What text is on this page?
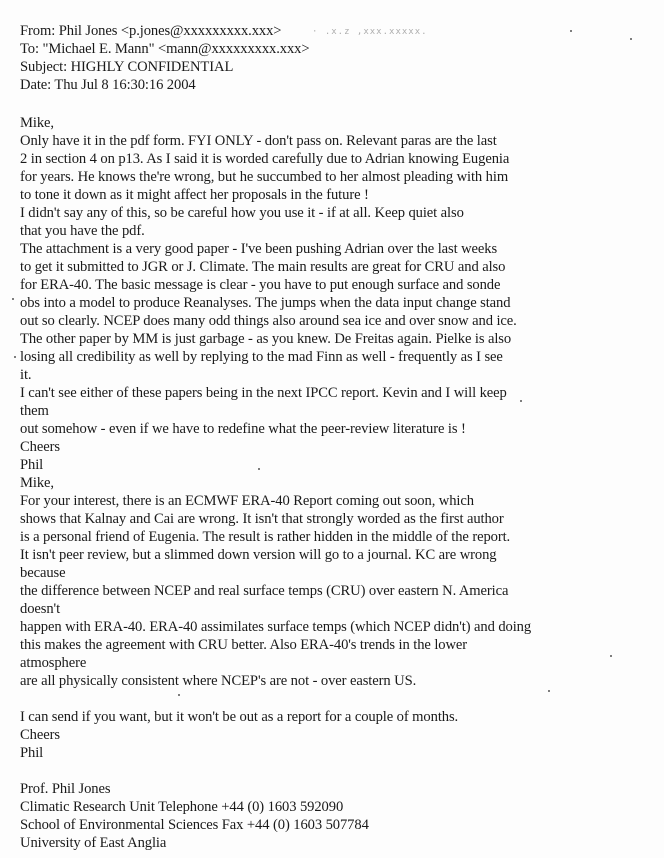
From: Phil Jones <p.jones@xxxxxxxxx.xxx>	· .x.z ,xxx.xxxxx.
To: "Michael E. Mann" <mann@xxxxxxxxx.xxx>
Subject: HIGHLY CONFIDENTIAL
Date: Thu Jul 8 16:30:16 2004
Mike,
Only have it in the pdf form. FYI ONLY - don't pass on. Relevant paras are the last
2 in section 4 on p13. As I said it is worded carefully due to Adrian knowing Eugenia
for years. He knows the're wrong, but he succumbed to her almost pleading with him
to tone it down as it might affect her proposals in the future !
I didn't say any of this, so be careful how you use it - if at all. Keep quiet also
that you have the pdf.
The attachment is a very good paper - I've been pushing Adrian over the last weeks
to get it submitted to JGR or J. Climate. The main results are great for CRU and also
for ERA-40. The basic message is clear - you have to put enough surface and sonde
obs into a model to produce Reanalyses. The jumps when the data input change stand
out so clearly. NCEP does many odd things also around sea ice and over snow and ice.
The other paper by MM is just garbage - as you knew. De Freitas again. Pielke is also
losing all credibility as well by replying to the mad Finn as well - frequently as I see
it.
I can't see either of these papers being in the next IPCC report. Kevin and I will keep
them
out somehow - even if we have to redefine what the peer-review literature is !
Cheers
Phil
Mike,
For your interest, there is an ECMWF ERA-40 Report coming out soon, which
shows that Kalnay and Cai are wrong. It isn't that strongly worded as the first author
is a personal friend of Eugenia. The result is rather hidden in the middle of the report.
It isn't peer review, but a slimmed down version will go to a journal. KC are wrong
because
the difference between NCEP and real surface temps (CRU) over eastern N. America
doesn't
happen with ERA-40. ERA-40 assimilates surface temps (which NCEP didn't) and doing
this makes the agreement with CRU better. Also ERA-40's trends in the lower
atmosphere
are all physically consistent where NCEP's are not - over eastern US.
I can send if you want, but it won't be out as a report for a couple of months.
Cheers
Phil
Prof. Phil Jones
Climatic Research Unit Telephone +44 (0) 1603 592090
School of Environmental Sciences Fax +44 (0) 1603 507784
University of East Anglia
